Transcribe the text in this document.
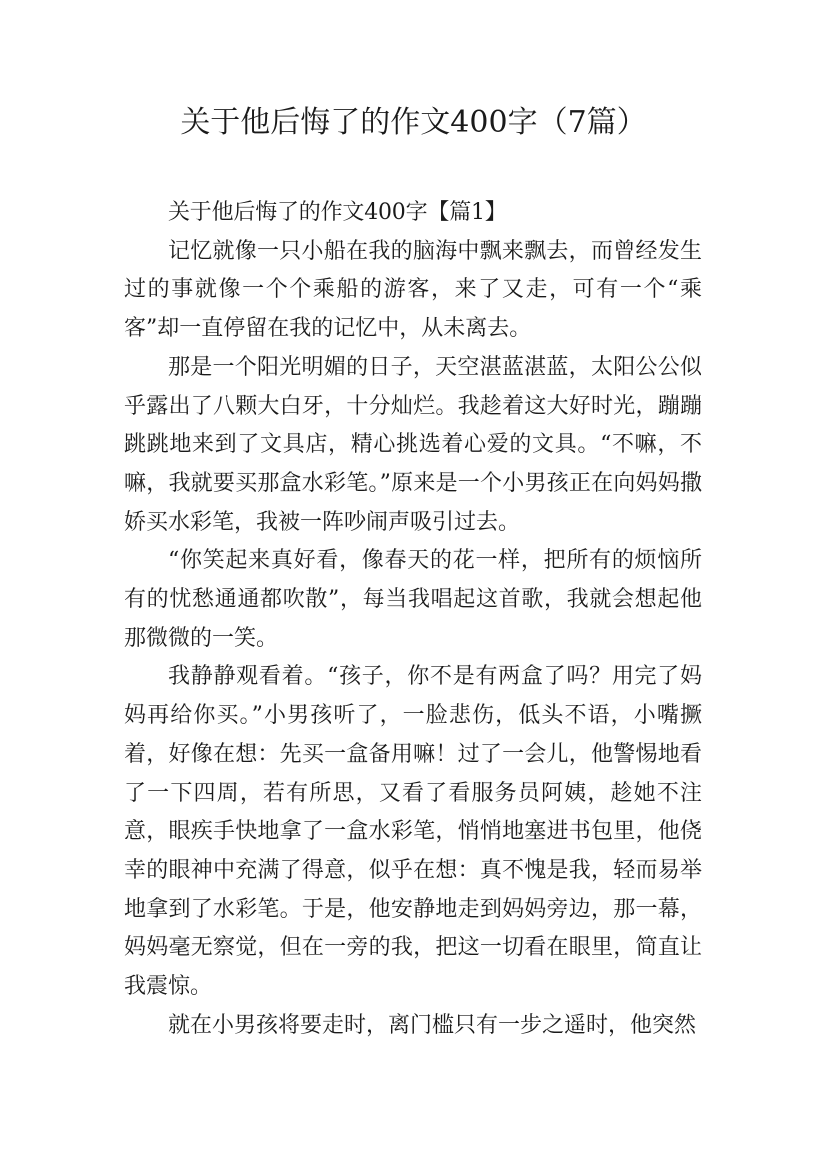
关于他后悔了的作文400字（7篇）

关于他后悔了的作文400字【篇1】

记忆就像一只小船在我的脑海中飘来飘去，而曾经发生过的事就像一个个乘船的游客，来了又走，可有一个“乘客”却一直停留在我的记忆中，从未离去。

那是一个阳光明媚的日子，天空湛蓝湛蓝，太阳公公似乎露出了八颗大白牙，十分灿烂。我趁着这大好时光，蹦蹦跳跳地来到了文具店，精心挑选着心爱的文具。“不嘛，不嘛，我就要买那盒水彩笔。”原来是一个小男孩正在向妈妈撒娇买水彩笔，我被一阵吵闹声吸引过去。

“你笑起来真好看，像春天的花一样，把所有的烦恼所有的忧愁通通都吹散”，每当我唱起这首歌，我就会想起他那微微的一笑。

我静静观看着。“孩子，你不是有两盒了吗？用完了妈妈再给你买。”小男孩听了，一脸悲伤，低头不语，小嘴撅着，好像在想：先买一盒备用嘛！过了一会儿，他警惕地看了一下四周，若有所思，又看了看服务员阿姨，趁她不注意，眼疾手快地拿了一盒水彩笔，悄悄地塞进书包里，他侥幸的眼神中充满了得意，似乎在想：真不愧是我，轻而易举地拿到了水彩笔。于是，他安静地走到妈妈旁边，那一幕，妈妈毫无察觉，但在一旁的我，把这一切看在眼里，简直让我震惊。

就在小男孩将要走时，离门槛只有一步之遥时，他突然
